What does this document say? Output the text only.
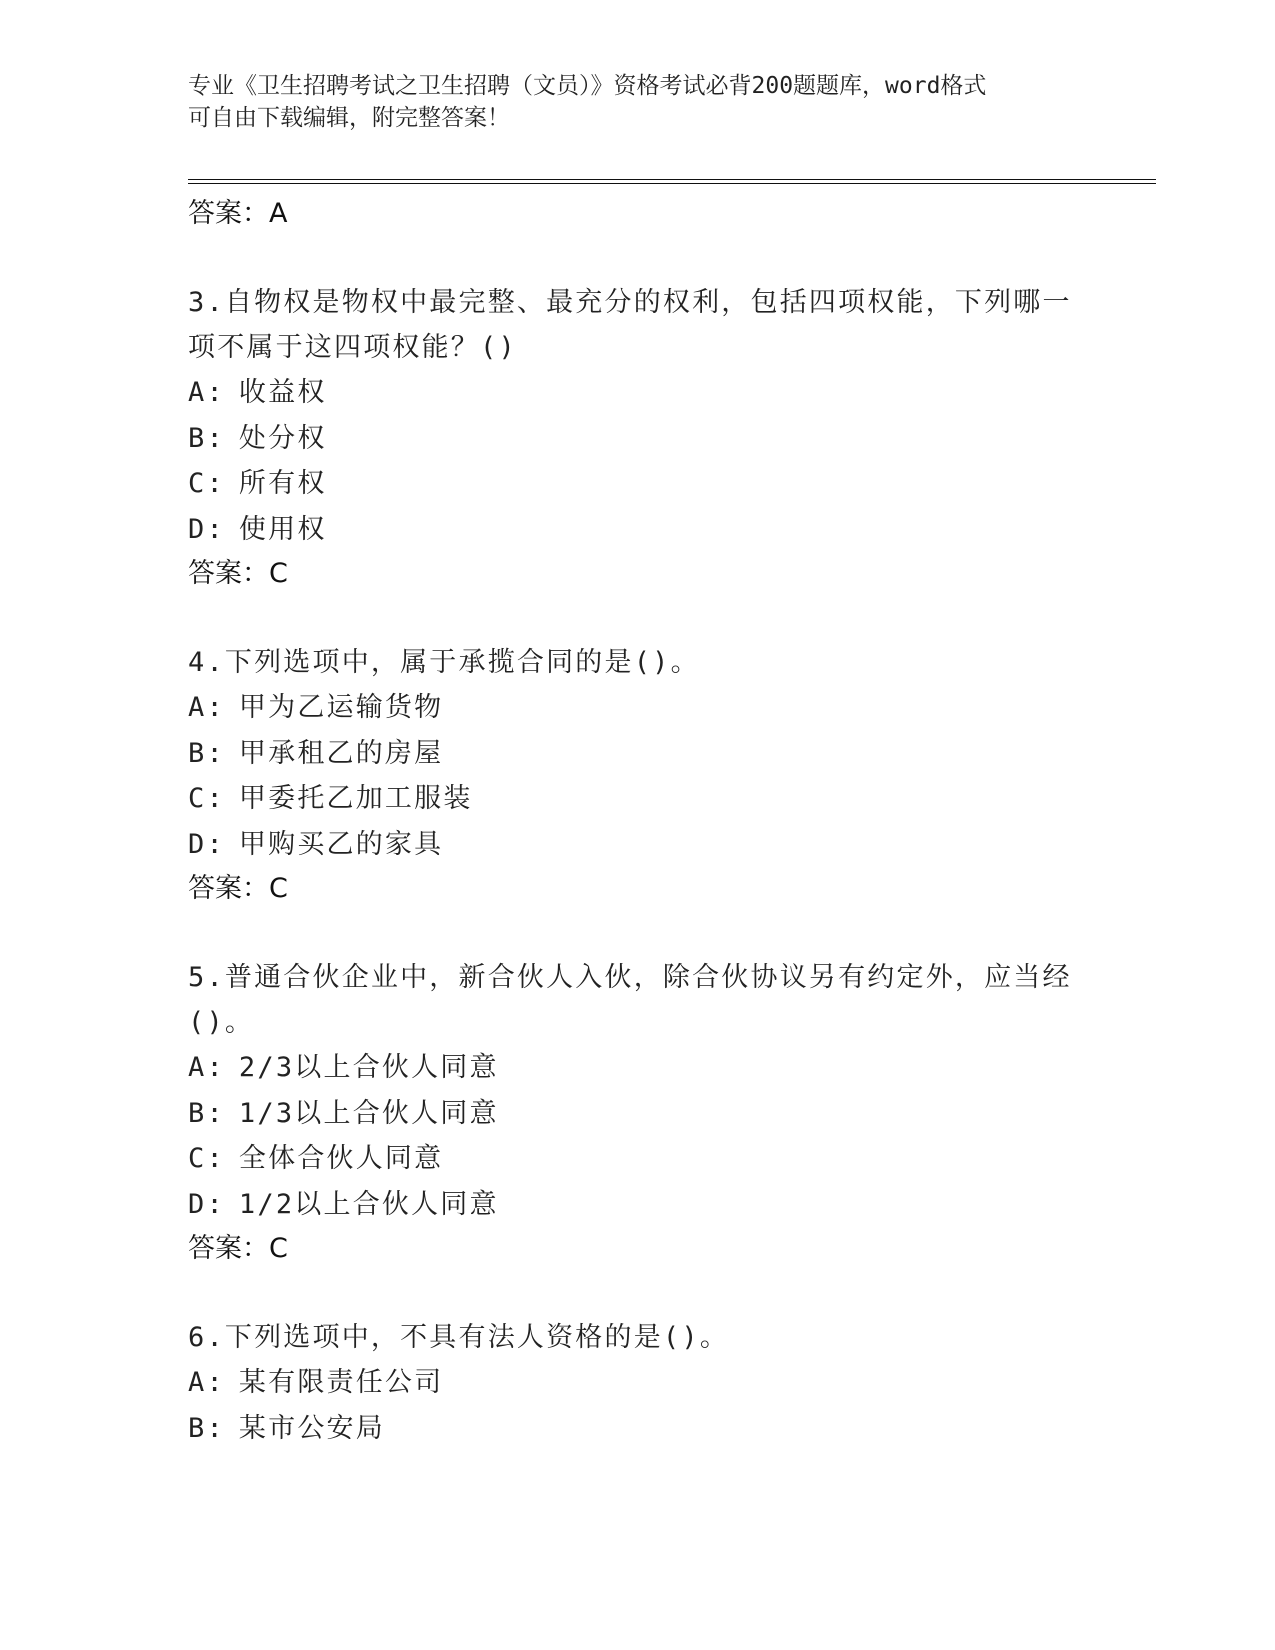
专业《卫生招聘考试之卫生招聘（文员）》资格考试必背200题题库，word格式
可自由下载编辑，附完整答案！
答案：A
3.自物权是物权中最完整、最充分的权利，包括四项权能，下列哪一项不属于这四项权能？()
A: 收益权
B: 处分权
C: 所有权
D: 使用权
答案：C
4.下列选项中，属于承揽合同的是()。
A: 甲为乙运输货物
B: 甲承租乙的房屋
C: 甲委托乙加工服装
D: 甲购买乙的家具
答案：C
5.普通合伙企业中，新合伙人入伙，除合伙协议另有约定外，应当经()。
A: 2/3以上合伙人同意
B: 1/3以上合伙人同意
C: 全体合伙人同意
D: 1/2以上合伙人同意
答案：C
6.下列选项中，不具有法人资格的是()。
A: 某有限责任公司
B: 某市公安局
